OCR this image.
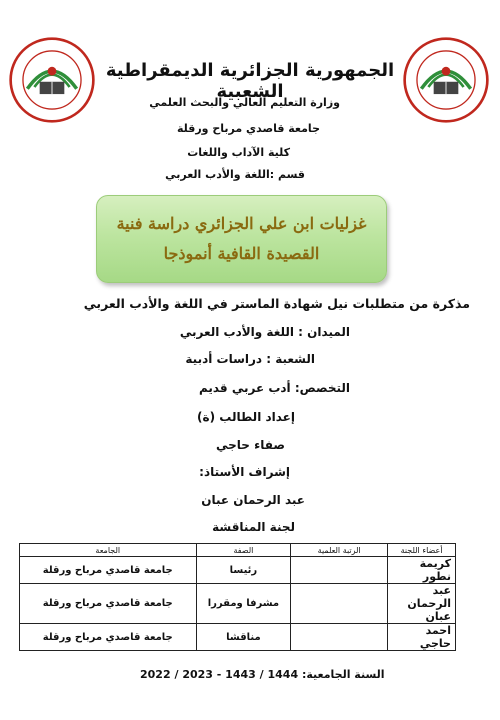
الجمهورية الجزائرية الديمقراطية الشعبية
وزارة التعليم العالي والبحث العلمي
جامعة قاصدي مرباح ورقلة
كلية الآداب واللغات
قسم :اللغة والأدب العربي
غزليات ابن علي الجزائري دراسة فنية
القصيدة القافية أنموذجا
مذكرة من متطلبات نيل شهادة الماستر في اللغة والأدب العربي
الميدان : اللغة والأدب العربي
الشعبة : دراسات أدبية
التخصص: أدب عربي قديم
إعداد الطالب (ة)
صفاء حاجي
إشراف الأستاذ:
عبد الرحمان عبان
لجنة المناقشة
أعضاء اللجنة	الرتبة العلمية	الصفة	الجامعة
كريمة نطور		رئيسا	جامعة قاصدي مرباح ورقلة
عبد الرحمان عبان		مشرفا ومقررا	جامعة قاصدي مرباح ورقلة
احمد حاجي		مناقشا	جامعة قاصدي مرباح ورقلة
السنة الجامعية: 1444 / 1443 - 2023 / 2022
